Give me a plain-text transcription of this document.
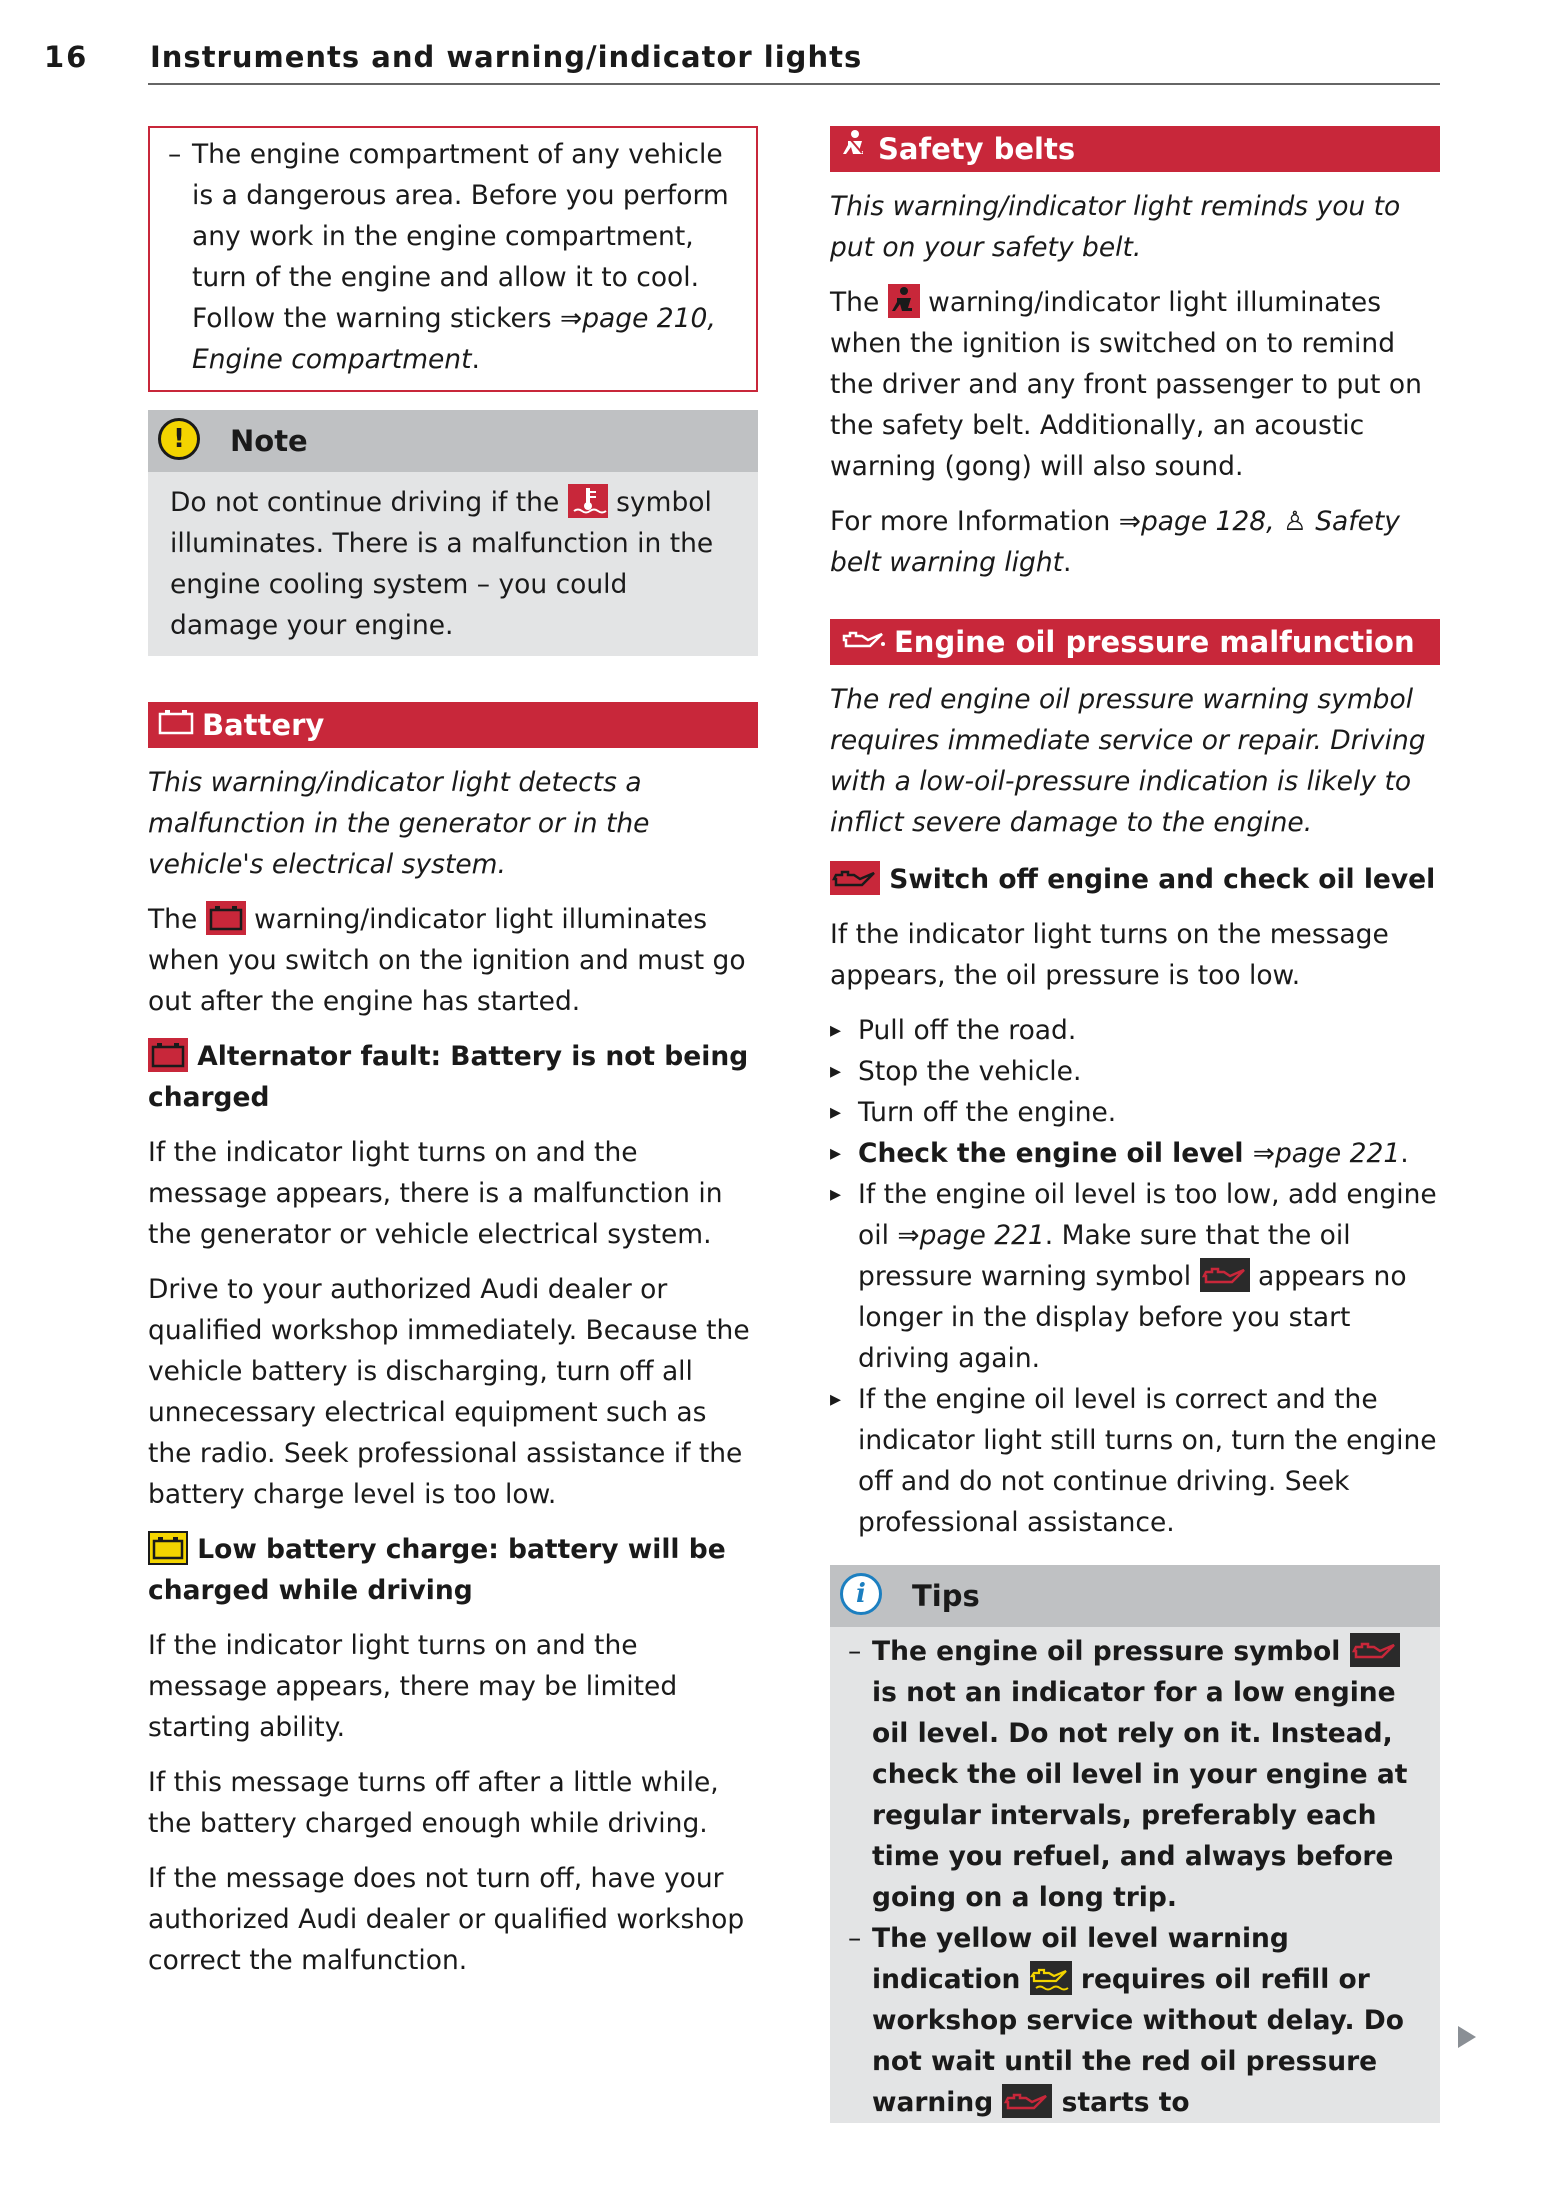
16 Instruments and warning/indicator lights
– The engine compartment of any vehicle is a dangerous area. Before you perform any work in the engine compartment, turn of the engine and allow it to cool. Follow the warning stickers ⇒page 210, Engine compartment.
!	Note
Do not continue driving if the
symbol illuminates. There is a malfunction in the engine cooling system – you could damage your engine.
Battery

This warning/indicator light detects a malfunction in the generator or in the vehicle's electrical system.

The
warning/indicator light illuminates when you switch on the ignition and must go out after the engine has started.

Alternator fault: Battery is not being charged

If the indicator light turns on and the message appears, there is a malfunction in the generator or vehicle electrical system.

Drive to your authorized Audi dealer or qualified workshop immediately. Because the vehicle battery is discharging, turn off all unnecessary electrical equipment such as the radio. Seek professional assistance if the battery charge level is too low.

Low battery charge: battery will be charged while driving

If the indicator light turns on and the message appears, there may be limited starting ability.

If this message turns off after a little while, the battery charged enough while driving.

If the message does not turn off, have your authorized Audi dealer or qualified workshop correct the malfunction.

Safety belts

This warning/indicator light reminds you to put on your safety belt.

The
warning/indicator light illuminates when the ignition is switched on to remind the driver and any front passenger to put on the safety belt. Additionally, an acoustic warning (gong) will also sound.

For more Information ⇒page 128, ♙ Safety belt warning light.

Engine oil pressure malfunction

The red engine oil pressure warning symbol requires immediate service or repair. Driving with a low-oil-pressure indication is likely to inflict severe damage to the engine.

Switch off engine and check oil level

If the indicator light turns on the message appears, the oil pressure is too low.

▸ Pull off the road.
▸ Stop the vehicle.
▸ Turn off the engine.
▸ Check the engine oil level ⇒page 221.
▸ If the engine oil level is too low, add engine oil ⇒page 221. Make sure that the oil pressure warning symbol
appears no longer in the display before you start driving again.
▸ If the engine oil level is correct and the indicator light still turns on, turn the engine off and do not continue driving. Seek professional assistance.
i	Tips
– The engine oil pressure symbol
is not an indicator for a low engine oil level. Do not rely on it. Instead, check the oil level in your engine at regular intervals, preferably each time you refuel, and always before going on a long trip.
– The yellow oil level warning indication
requires oil refill or workshop service without delay. Do not wait until the red oil pressure warning
starts to
